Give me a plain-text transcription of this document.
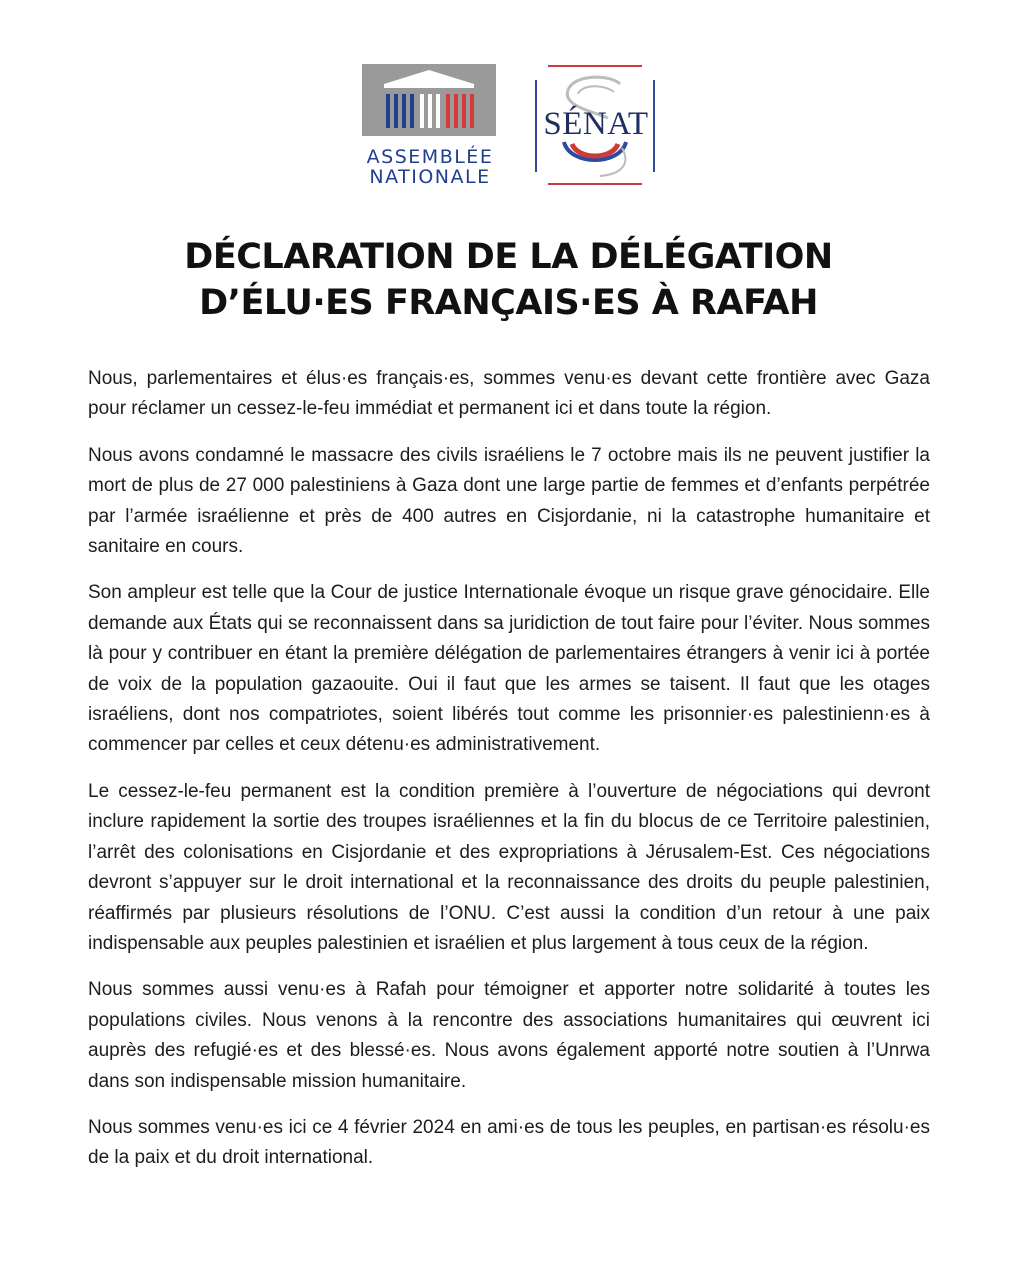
ASSEMBLÉE
NATIONALE
SÉNAT
DÉCLARATION DE LA DÉLÉGATION
D’ÉLU·ES FRANÇAIS·ES À RAFAH

Nous, parlementaires et élus·es français·es, sommes venu·es devant cette frontière avec Gaza pour réclamer un cessez-le-feu immédiat et permanent ici et dans toute la région.

Nous avons condamné le massacre des civils israéliens le 7 octobre mais ils ne peuvent justifier la mort de plus de 27 000 palestiniens à Gaza dont une large partie de femmes et d’enfants perpétrée par l’armée israélienne et près de 400 autres en Cisjordanie, ni la catastrophe humanitaire et sanitaire en cours.

Son ampleur est telle que la Cour de justice Internationale évoque un risque grave génocidaire. Elle demande aux États qui se reconnaissent dans sa juridiction de tout faire pour l’éviter. Nous sommes là pour y contribuer en étant la première délégation de parlementaires étrangers à venir ici à portée de voix de la population gazaouite. Oui il faut que les armes se taisent. Il faut que les otages israéliens, dont nos compatriotes, soient libérés tout comme les prisonnier·es palestinienn·es à commencer par celles et ceux détenu·es administrativement.

Le cessez-le-feu permanent est la condition première à l’ouverture de négociations qui devront inclure rapidement la sortie des troupes israéliennes et la fin du blocus de ce Territoire palestinien, l’arrêt des colonisations en Cisjordanie et des expropriations à Jérusalem-Est. Ces négociations devront s’appuyer sur le droit international et la reconnaissance des droits du peuple palestinien, réaffirmés par plusieurs résolutions de l’ONU. C’est aussi la condition d’un retour à une paix indispensable aux peuples palestinien et israélien et plus largement à tous ceux de la région.

Nous sommes aussi venu·es à Rafah pour témoigner et apporter notre solidarité à toutes les populations civiles. Nous venons à la rencontre des associations humanitaires qui œuvrent ici auprès des refugié·es et des blessé·es. Nous avons également apporté notre soutien à l’Unrwa dans son indispensable mission humanitaire.

Nous sommes venu·es ici ce 4 février 2024 en ami·es de tous les peuples, en partisan·es résolu·es de la paix et du droit international.
